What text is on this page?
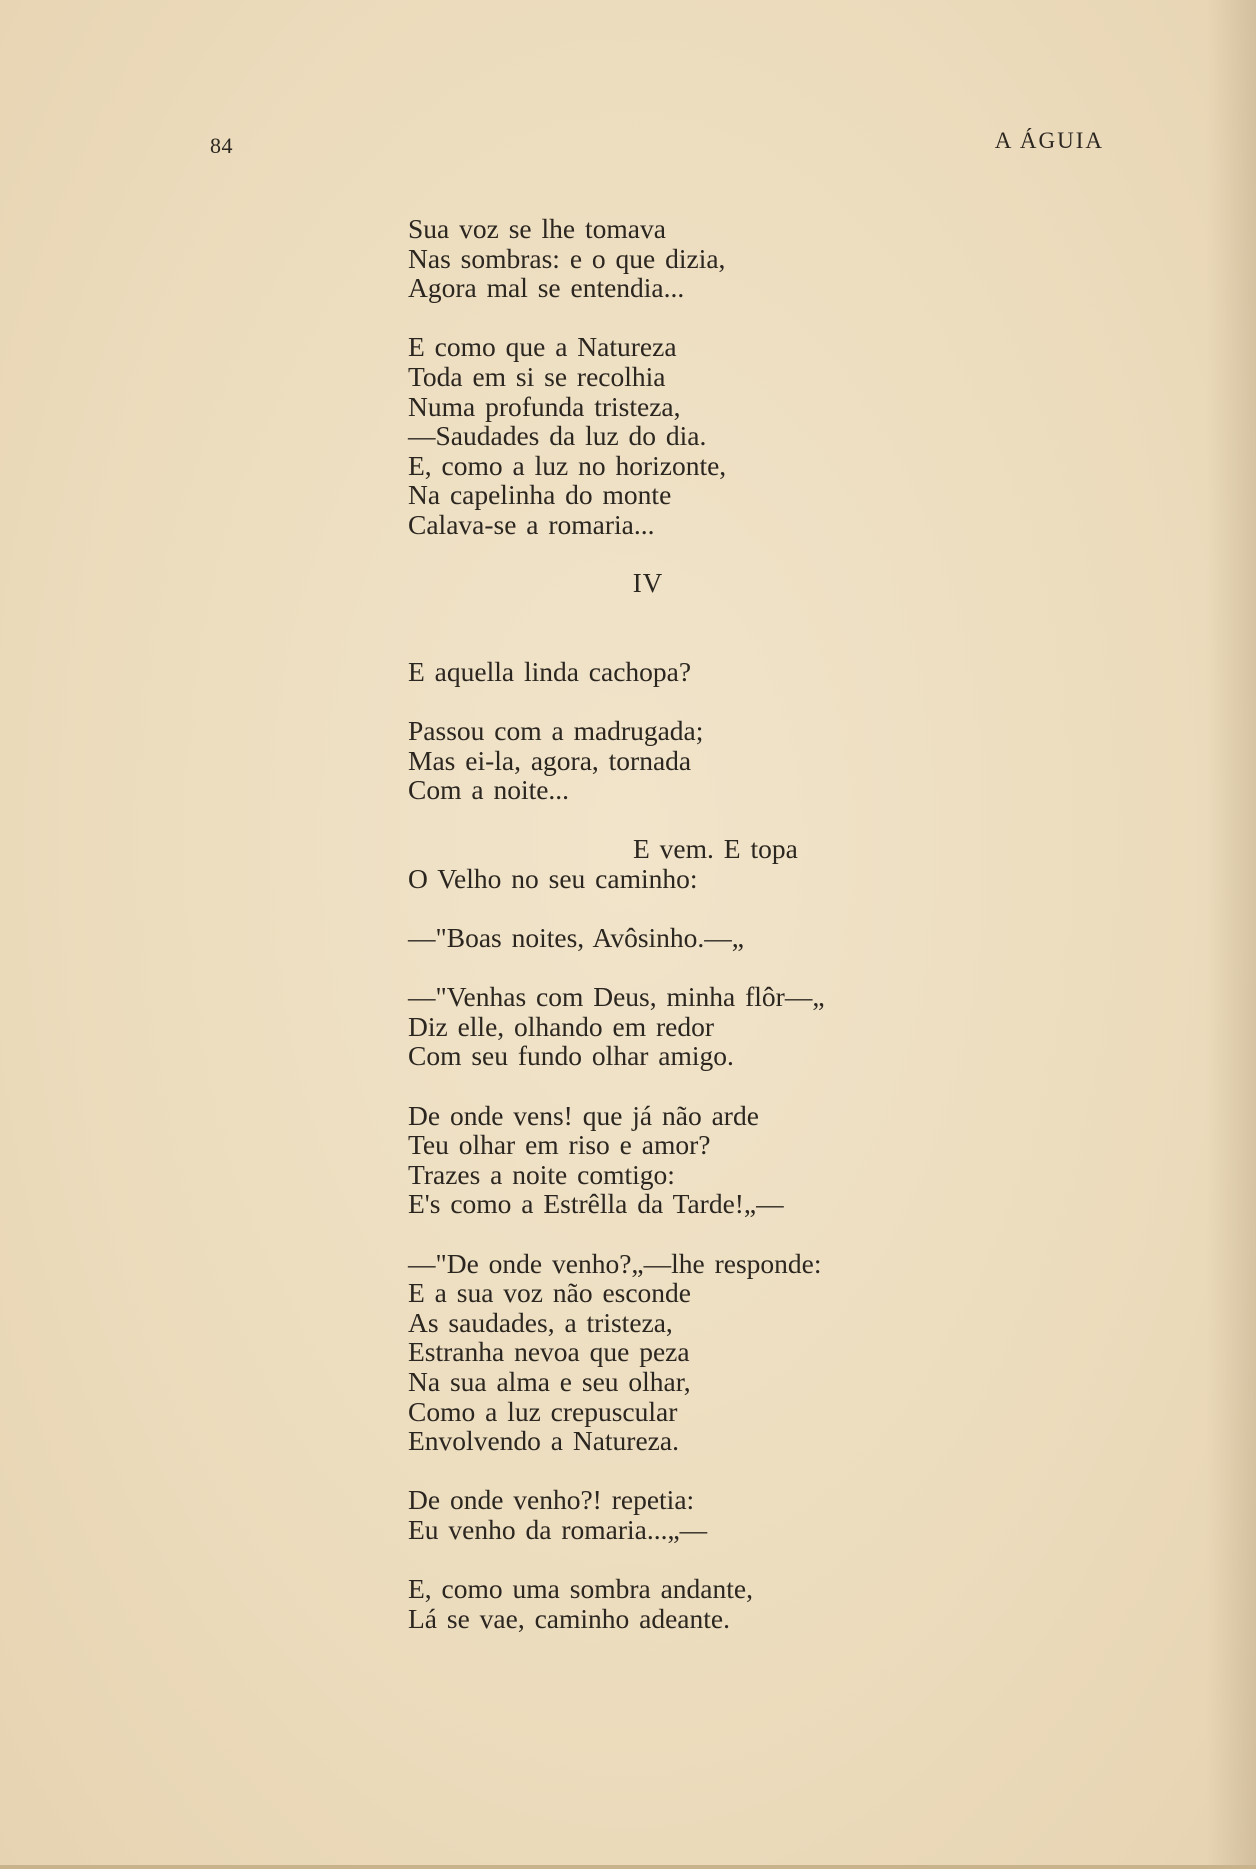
84	A ÁGUIA
Sua voz se lhe tomava
Nas sombras: e o que dizia,
Agora mal se entendia...
E como que a Natureza
Toda em si se recolhia
Numa profunda tristeza,
—Saudades da luz do dia.
E, como a luz no horizonte,
Na capelinha do monte
Calava-se a romaria...
IV
E aquella linda cachopa?
Passou com a madrugada;
Mas ei-la, agora, tornada
Com a noite...
E vem. E topa
O Velho no seu caminho:
—"Boas noites, Avôsinho.—„
—"Venhas com Deus, minha flôr—„
Diz elle, olhando em redor
Com seu fundo olhar amigo.
De onde vens! que já não arde
Teu olhar em riso e amor?
Trazes a noite comtigo:
E's como a Estrêlla da Tarde!„—
—"De onde venho?„—lhe responde:
E a sua voz não esconde
As saudades, a tristeza,
Estranha nevoa que peza
Na sua alma e seu olhar,
Como a luz crepuscular
Envolvendo a Natureza.
De onde venho?! repetia:
Eu venho da romaria...„—
E, como uma sombra andante,
Lá se vae, caminho adeante.
